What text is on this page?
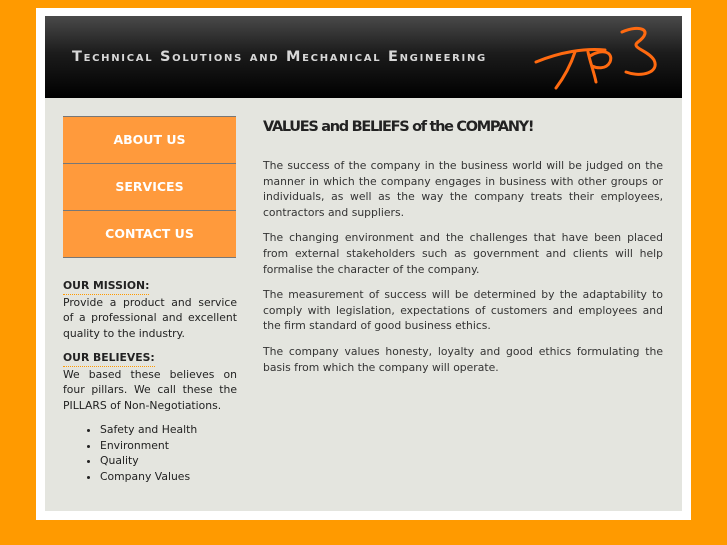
Technical Solutions and Mechanical Engineering
ABOUT US
SERVICES
CONTACT US
OUR MISSION:

Provide a product and service of a professional and excellent quality to the industry.

OUR BELIEVES:

We based these believes on four pillars. We call these the PILLARS of Non-Negotiations.

• Safety and Health
• Environment
• Quality
• Company Values
VALUES and BELIEFS of the COMPANY!

The success of the company in the business world will be judged on the manner in which the company engages in business with other groups or individuals, as well as the way the company treats their employees, contractors and suppliers.

The changing environment and the challenges that have been placed from external stakeholders such as government and clients will help formalise the character of the company.

The measurement of success will be determined by the adaptability to comply with legislation, expectations of customers and employees and the firm standard of good business ethics.

The company values honesty, loyalty and good ethics formulating the basis from which the company will operate.
